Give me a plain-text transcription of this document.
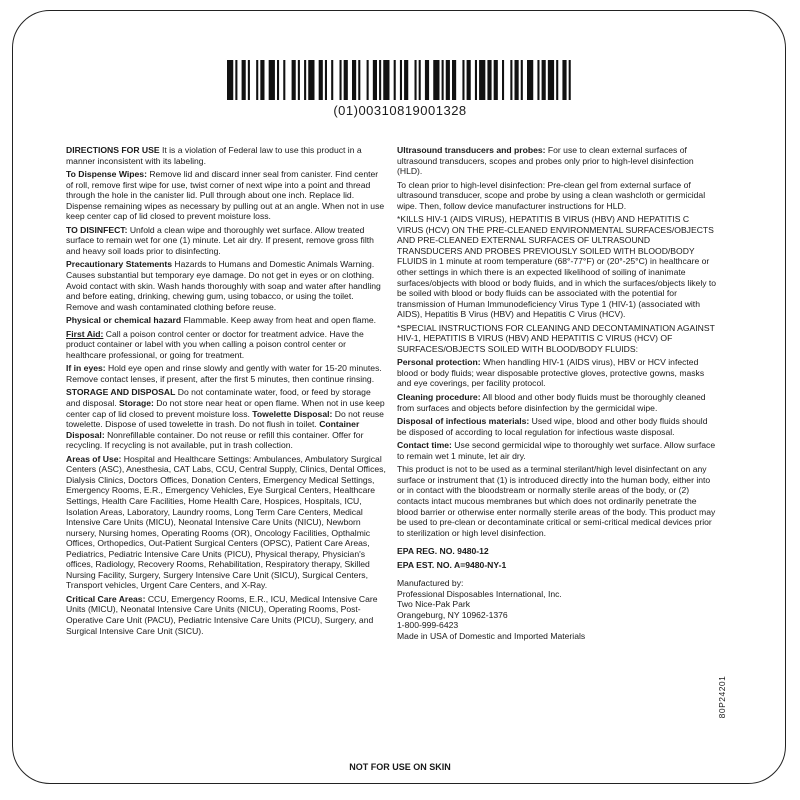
(01)00310819001328

DIRECTIONS FOR USE It is a violation of Federal law to use this product in a manner inconsistent with its labeling.

To Dispense Wipes: Remove lid and discard inner seal from canister. Find center of roll, remove first wipe for use, twist corner of next wipe into a point and thread through the hole in the canister lid. Pull through about one inch. Replace lid. Dispense remaining wipes as necessary by pulling out at an angle. When not in use keep center cap of lid closed to prevent moisture loss.

TO DISINFECT: Unfold a clean wipe and thoroughly wet surface. Allow treated surface to remain wet for one (1) minute. Let air dry. If present, remove gross filth and heavy soil loads prior to disinfecting.

Precautionary Statements Hazards to Humans and Domestic Animals Warning. Causes substantial but temporary eye damage. Do not get in eyes or on clothing. Avoid contact with skin. Wash hands thoroughly with soap and water after handling and before eating, drinking, chewing gum, using tobacco, or using the toilet. Remove and wash contaminated clothing before reuse.

Physical or chemical hazard Flammable. Keep away from heat and open flame.

First Aid: Call a poison control center or doctor for treatment advice. Have the product container or label with you when calling a poison control center or healthcare professional, or going for treatment.

If in eyes: Hold eye open and rinse slowly and gently with water for 15-20 minutes. Remove contact lenses, if present, after the first 5 minutes, then continue rinsing.

STORAGE AND DISPOSAL Do not contaminate water, food, or feed by storage and disposal. Storage: Do not store near heat or open flame. When not in use keep center cap of lid closed to prevent moisture loss. Towelette Disposal: Do not reuse towelette. Dispose of used towelette in trash. Do not flush in toilet. Container Disposal: Nonrefillable container. Do not reuse or refill this container. Offer for recycling. If recycling is not available, put in trash collection.

Areas of Use: Hospital and Healthcare Settings: Ambulances, Ambulatory Surgical Centers (ASC), Anesthesia, CAT Labs, CCU, Central Supply, Clinics, Dental Offices, Dialysis Clinics, Doctors Offices, Donation Centers, Emergency Medical Settings, Emergency Rooms, E.R., Emergency Vehicles, Eye Surgical Centers, Healthcare Settings, Health Care Facilities, Home Health Care, Hospices, Hospitals, ICU, Isolation Areas, Laboratory, Laundry rooms, Long Term Care Centers, Medical Intensive Care Units (MICU), Neonatal Intensive Care Units (NICU), Newborn nursery, Nursing homes, Operating Rooms (OR), Oncology Facilities, Opthalmic Offices, Orthopedics, Out-Patient Surgical Centers (OPSC), Patient Care Areas, Pediatrics, Pediatric Intensive Care Units (PICU), Physical therapy, Physician's offices, Radiology, Recovery Rooms, Rehabilitation, Respiratory therapy, Skilled Nursing Facility, Surgery, Surgery Intensive Care Unit (SICU), Surgical Centers, Transport vehicles, Urgent Care Centers, and X-Ray.

Critical Care Areas: CCU, Emergency Rooms, E.R., ICU, Medical Intensive Care Units (MICU), Neonatal Intensive Care Units (NICU), Operating Rooms, Post-Operative Care Unit (PACU), Pediatric Intensive Care Units (PICU), Surgery, and Surgical Intensive Care Unit (SICU).

Ultrasound transducers and probes: For use to clean external surfaces of ultrasound transducers, scopes and probes only prior to high-level disinfection (HLD).

To clean prior to high-level disinfection: Pre-clean gel from external surface of ultrasound transducer, scope and probe by using a clean washcloth or germicidal wipe. Then, follow device manufacturer instructions for HLD.

*KILLS HIV-1 (AIDS VIRUS), HEPATITIS B VIRUS (HBV) AND HEPATITIS C VIRUS (HCV) ON THE PRE-CLEANED ENVIRONMENTAL SURFACES/OBJECTS AND PRE-CLEANED EXTERNAL SURFACES OF ULTRASOUND TRANSDUCERS AND PROBES PREVIOUSLY SOILED WITH BLOOD/BODY FLUIDS in 1 minute at room temperature (68°-77°F) or (20°-25°C) in healthcare or other settings in which there is an expected likelihood of soiling of inanimate surfaces/objects with blood or body fluids, and in which the surfaces/objects likely to be soiled with blood or body fluids can be associated with the potential for transmission of Human Immunodeficiency Virus Type 1 (HIV-1) (associated with AIDS), Hepatitis B Virus (HBV) and Hepatitis C Virus (HCV).

*SPECIAL INSTRUCTIONS FOR CLEANING AND DECONTAMINATION AGAINST HIV-1, HEPATITIS B VIRUS (HBV) AND HEPATITIS C VIRUS (HCV) OF SURFACES/OBJECTS SOILED WITH BLOOD/BODY FLUIDS:

Personal protection: When handling HIV-1 (AIDS virus), HBV or HCV infected blood or body fluids; wear disposable protective gloves, protective gowns, masks and eye coverings, per facility protocol.

Cleaning procedure: All blood and other body fluids must be thoroughly cleaned from surfaces and objects before disinfection by the germicidal wipe.

Disposal of infectious materials: Used wipe, blood and other body fluids should be disposed of according to local regulation for infectious waste disposal.

Contact time: Use second germicidal wipe to thoroughly wet surface. Allow surface to remain wet 1 minute, let air dry.

This product is not to be used as a terminal sterilant/high level disinfectant on any surface or instrument that (1) is introduced directly into the human body, either into or in contact with the bloodstream or normally sterile areas of the body, or (2) contacts intact mucous membranes but which does not ordinarily penetrate the blood barrier or otherwise enter normally sterile areas of the body. This product may be used to pre-clean or decontaminate critical or semi-critical medical devices prior to sterilization or high level disinfection.

EPA REG. NO. 9480-12

EPA EST. NO. A=9480-NY-1

Manufactured by:

Professional Disposables International, Inc.

Two Nice-Pak Park

Orangeburg, NY 10962-1376

1-800-999-6423

Made in USA of Domestic and Imported Materials

80P24201
NOT FOR USE ON SKIN
